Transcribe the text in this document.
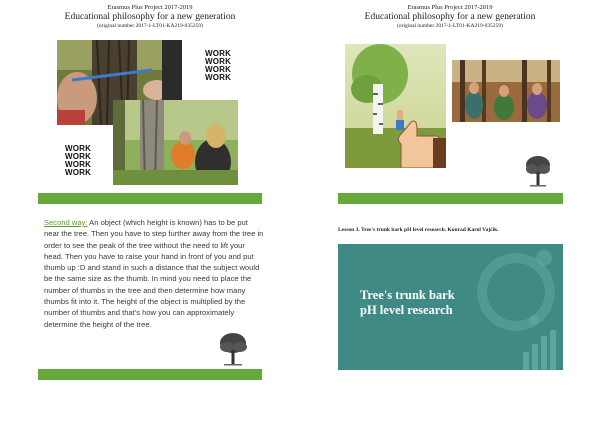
Erasmus Plus Project 2017-2019
Educational philosophy for a new generation
(original number 2017-1-LT01-KA219-035259)
WORK
WORK
WORK
WORK
WORK
WORK
WORK
WORK
Second way: An object (which height is known) has to be put near the tree. Then you have to step further away from the tree in order to see the peak of the tree without the need to lift your head. Then you have to raise your hand in front of you and put thumb up :D and stand in such a distance that the subject would be the same size as the thumb. In mind you need to place the number of thumbs in the tree and then determine how many thumbs fit into it. The height of the object is multiplied by the number of thumbs and that's how you can approximately determine the height of the tree.
Erasmus Plus Project 2017-2019
Educational philosophy for a new generation
(original number 2017-1-LT01-KA219-035259)
Lesson 3. Tree's trunk bark pH level research. Konrad Karol Vajčik.
Tree's trunk bark
pH level research
